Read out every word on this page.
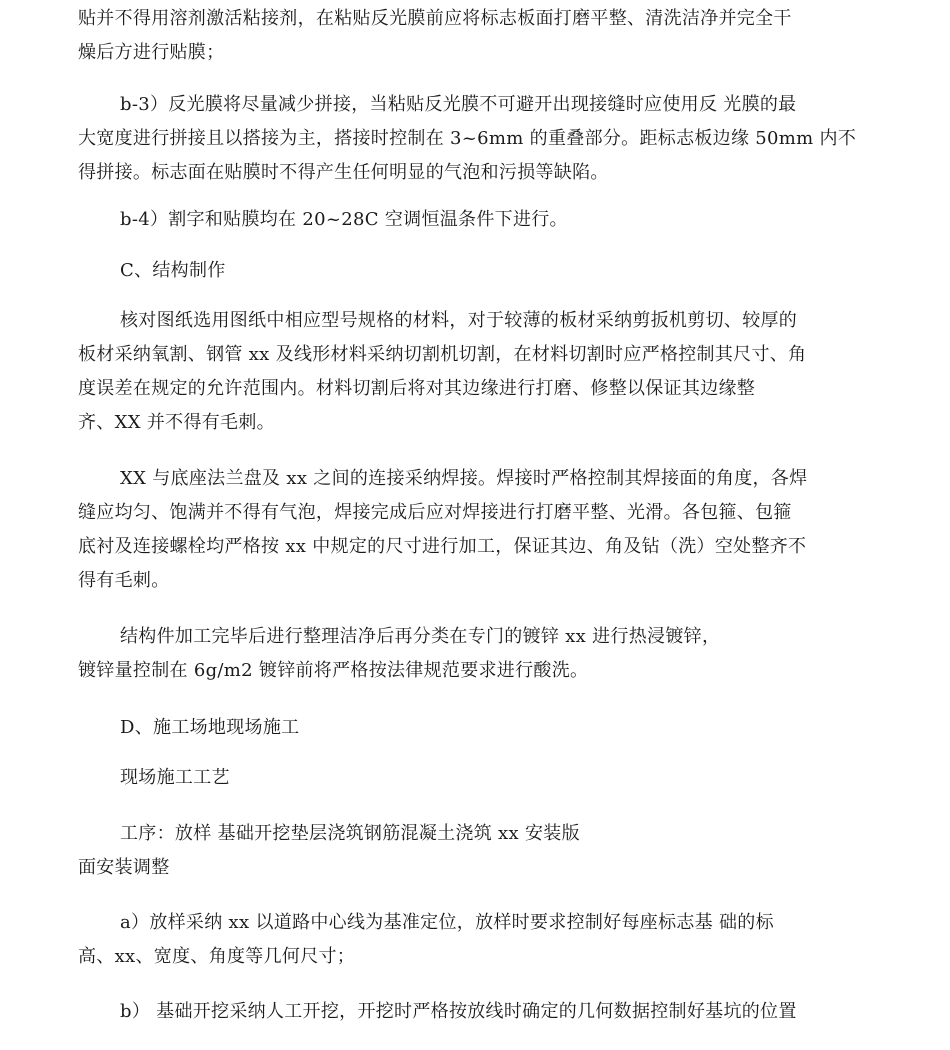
贴并不得用溶剂激活粘接剂，在粘贴反光膜前应将标志板面打磨平整、清洗洁净并完全干
燥后方进行贴膜；
b-3）反光膜将尽量减少拼接，当粘贴反光膜不可避开出现接缝时应使用反 光膜的最
大宽度进行拼接且以搭接为主，搭接时控制在 3~6mm 的重叠部分。距标志板边缘 50mm 内不
得拼接。标志面在贴膜时不得产生任何明显的气泡和污损等缺陷。
b-4）割字和贴膜均在 20~28C 空调恒温条件下进行。
C、结构制作
核对图纸选用图纸中相应型号规格的材料，对于较薄的板材采纳剪扳机剪切、较厚的
板材采纳氧割、钢管 xx 及线形材料采纳切割机切割，在材料切割时应严格控制其尺寸、角
度误差在规定的允许范围内。材料切割后将对其边缘进行打磨、修整以保证其边缘整
齐、XX 并不得有毛刺。
XX 与底座法兰盘及 xx 之间的连接采纳焊接。焊接时严格控制其焊接面的角度，各焊
缝应均匀、饱满并不得有气泡，焊接完成后应对焊接进行打磨平整、光滑。各包箍、包箍
底衬及连接螺栓均严格按 xx 中规定的尺寸进行加工，保证其边、角及钻（洗）空处整齐不
得有毛刺。
结构件加工完毕后进行整理洁净后再分类在专门的镀锌 xx 进行热浸镀锌，
镀锌量控制在 6g/m2 镀锌前将严格按法律规范要求进行酸洗。
D、施工场地现场施工
现场施工工艺
工序：放样 基础开挖垫层浇筑钢筋混凝土浇筑 xx 安装版
面安装调整
a）放样采纳 xx 以道路中心线为基准定位，放样时要求控制好每座标志基 础的标
高、xx、宽度、角度等几何尺寸；
b） 基础开挖采纳人工开挖，开挖时严格按放线时确定的几何数据控制好基坑的位置
